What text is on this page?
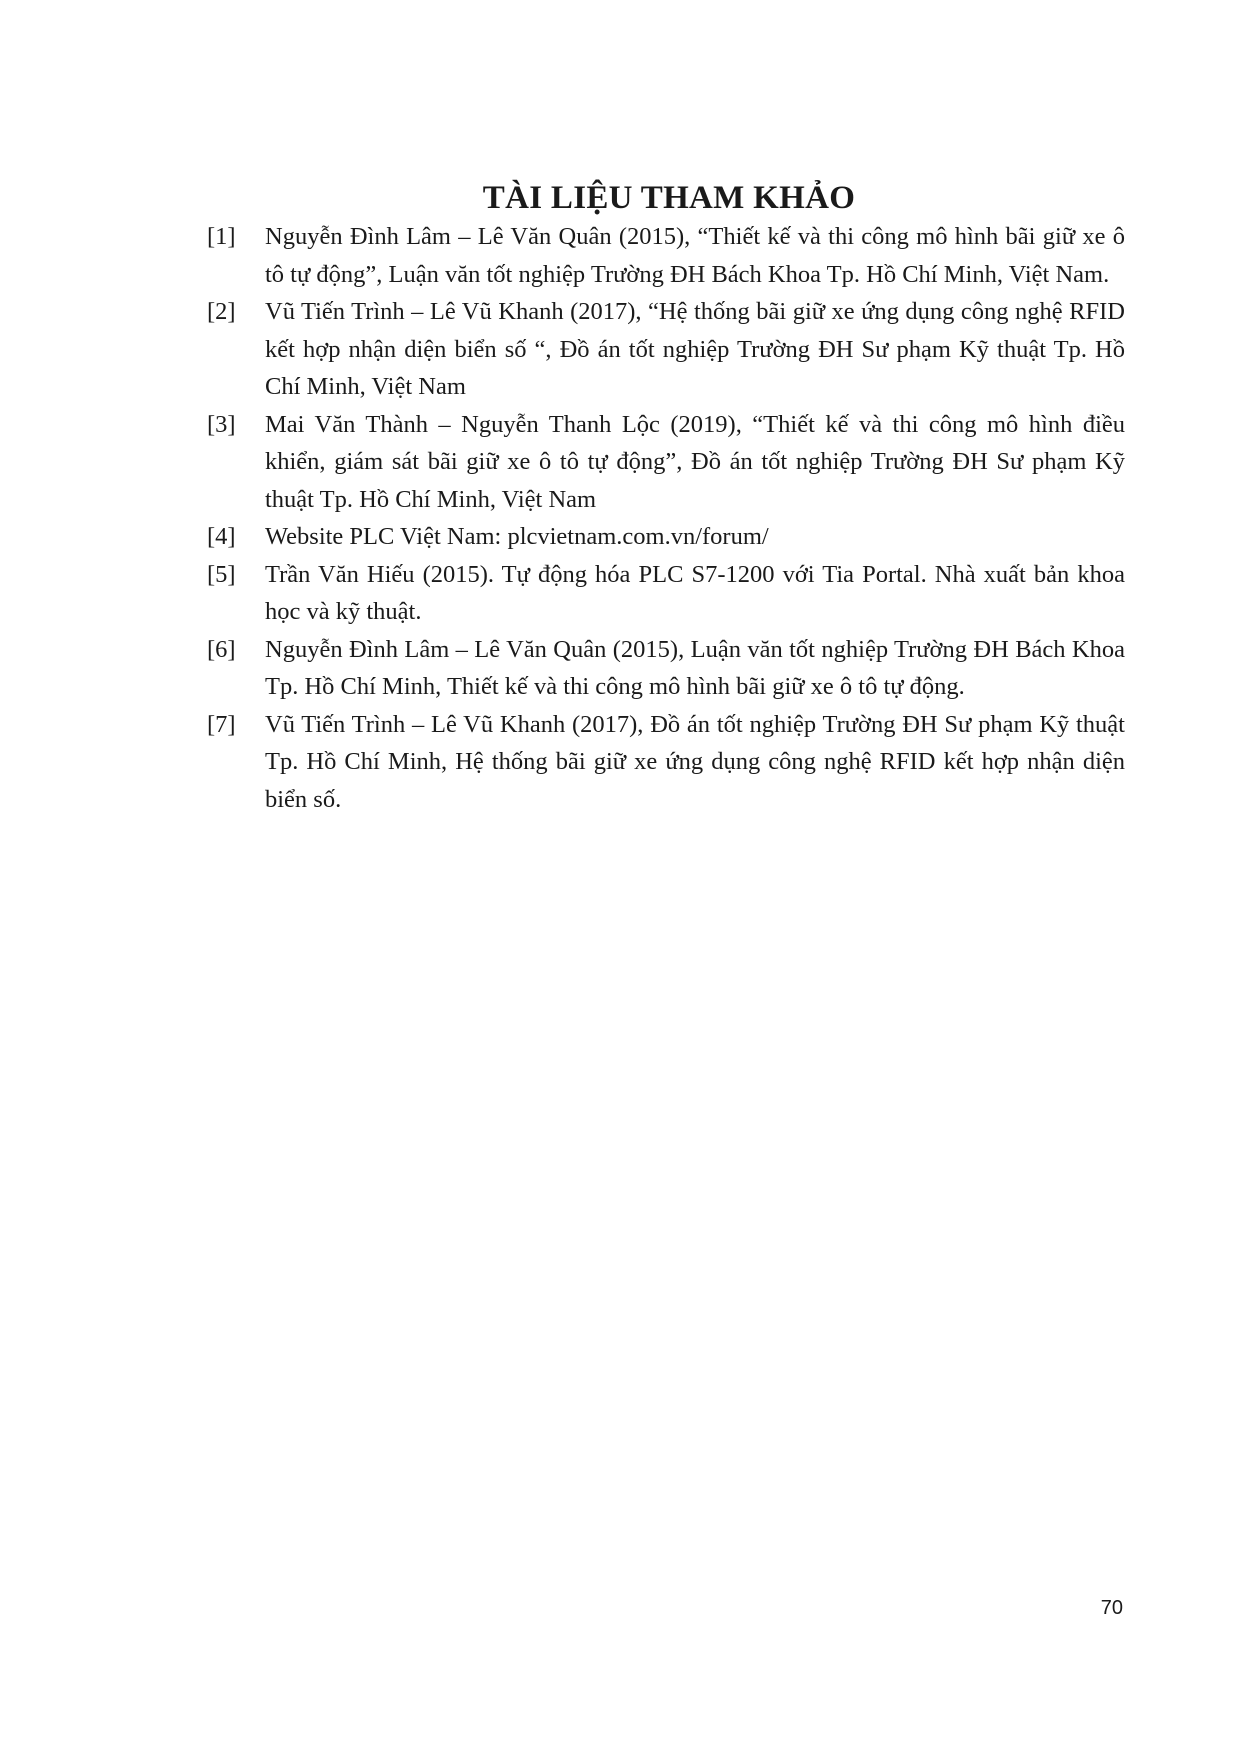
TÀI LIỆU THAM KHẢO
[1] Nguyễn Đình Lâm – Lê Văn Quân (2015), “Thiết kế và thi công mô hình bãi giữ xe ô tô tự động”, Luận văn tốt nghiệp Trường ĐH Bách Khoa Tp. Hồ Chí Minh, Việt Nam.
[2] Vũ Tiến Trình – Lê Vũ Khanh (2017), “Hệ thống bãi giữ xe ứng dụng công nghệ RFID kết hợp nhận diện biển số “, Đồ án tốt nghiệp Trường ĐH Sư phạm Kỹ thuật Tp. Hồ Chí Minh, Việt Nam
[3] Mai Văn Thành – Nguyễn Thanh Lộc (2019), “Thiết kế và thi công mô hình điều khiển, giám sát bãi giữ xe ô tô tự động”, Đồ án tốt nghiệp Trường ĐH Sư phạm Kỹ thuật Tp. Hồ Chí Minh, Việt Nam
[4] Website PLC Việt Nam: plcvietnam.com.vn/forum/
[5] Trần Văn Hiếu (2015). Tự động hóa PLC S7-1200 với Tia Portal. Nhà xuất bản khoa học và kỹ thuật.
[6] Nguyễn Đình Lâm – Lê Văn Quân (2015), Luận văn tốt nghiệp Trường ĐH Bách Khoa Tp. Hồ Chí Minh, Thiết kế và thi công mô hình bãi giữ xe ô tô tự động.
[7] Vũ Tiến Trình – Lê Vũ Khanh (2017), Đồ án tốt nghiệp Trường ĐH Sư phạm Kỹ thuật Tp. Hồ Chí Minh, Hệ thống bãi giữ xe ứng dụng công nghệ RFID kết hợp nhận diện biển số.
70
